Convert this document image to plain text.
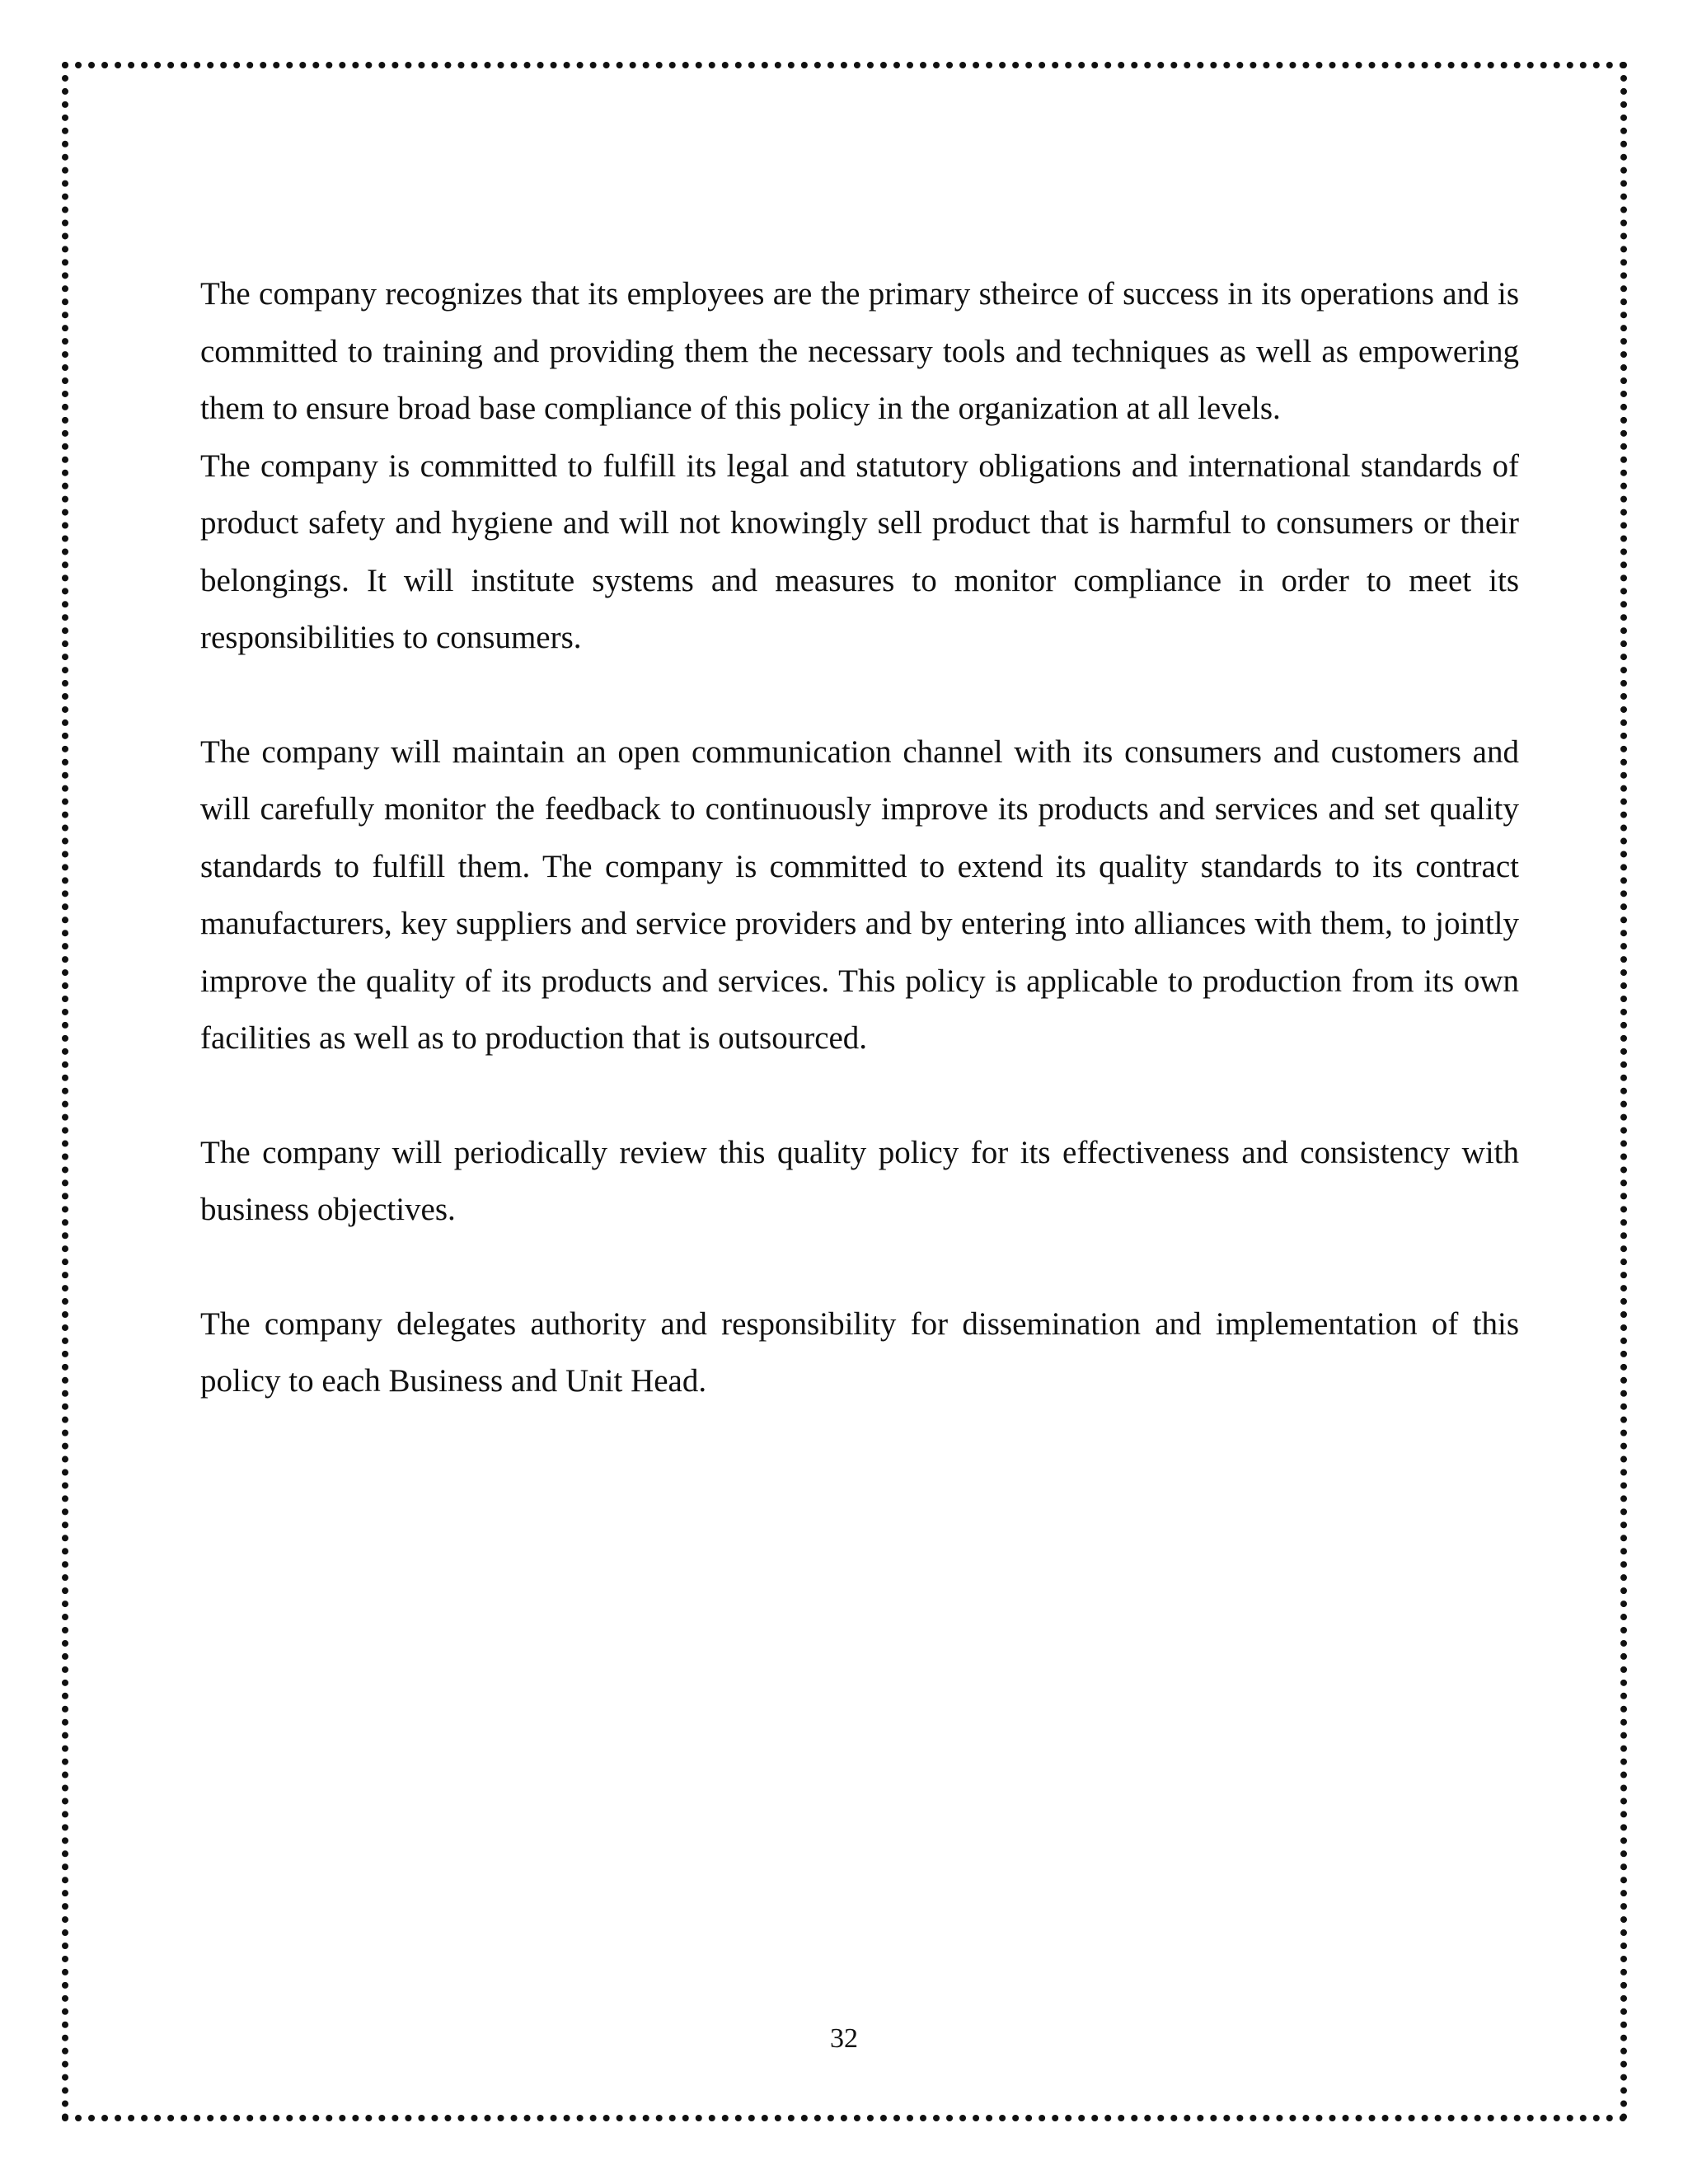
The company recognizes that its employees are the primary stheirce of success in its operations and is committed to training and providing them the necessary tools and techniques as well as empowering them to ensure broad base compliance of this policy in the organization at all levels.

The company is committed to fulfill its legal and statutory obligations and international standards of product safety and hygiene and will not knowingly sell product that is harmful to consumers or their belongings. It will institute systems and measures to monitor compliance in order to meet its responsibilities to consumers.

The company will maintain an open communication channel with its consumers and customers and will carefully monitor the feedback to continuously improve its products and services and set quality standards to fulfill them. The company is committed to extend its quality standards to its contract manufacturers, key suppliers and service providers and by entering into alliances with them, to jointly improve the quality of its products and services. This policy is applicable to production from its own facilities as well as to production that is outsourced.

The company will periodically review this quality policy for its effectiveness and consistency with business objectives.

The company delegates authority and responsibility for dissemination and implementation of this policy to each Business and Unit Head.

32
